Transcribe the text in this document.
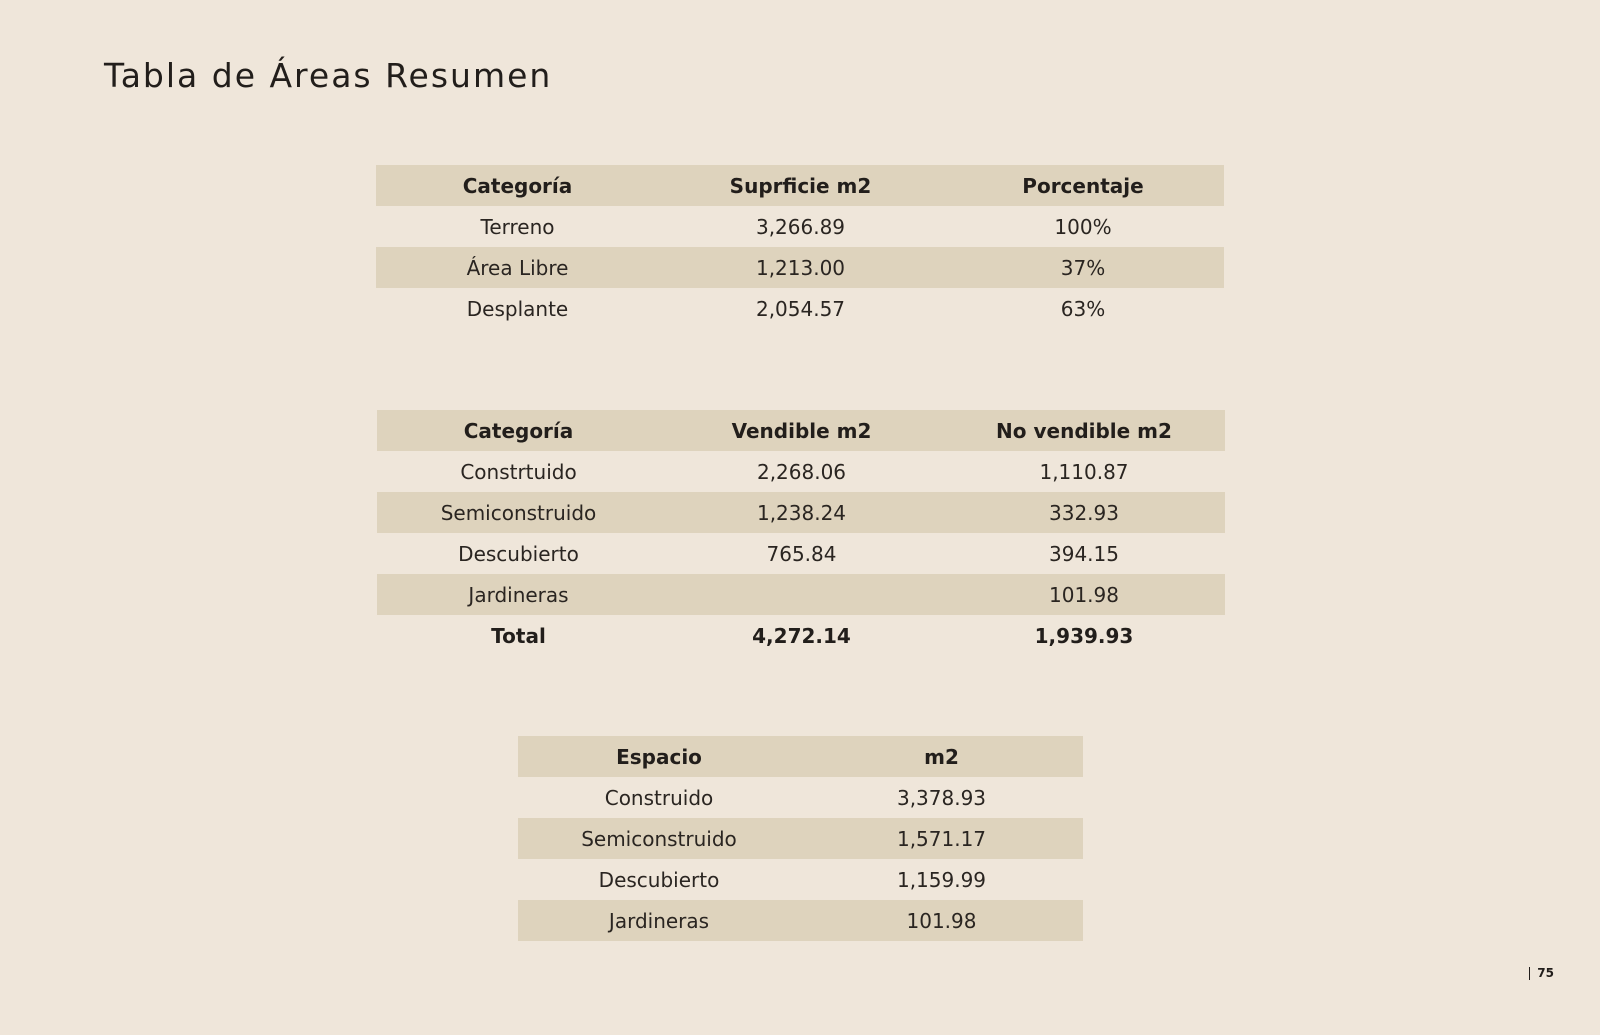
Tabla de Áreas Resumen
Categoría	Suprficie m2	Porcentaje
Terreno	3,266.89	100%
Área Libre	1,213.00	37%
Desplante	2,054.57	63%
Categoría	Vendible m2	No vendible m2
Constrtuido	2,268.06	1,110.87
Semiconstruido	1,238.24	332.93
Descubierto	765.84	394.15
Jardineras		101.98
Total	4,272.14	1,939.93
Espacio	m2
Construido	3,378.93
Semiconstruido	1,571.17
Descubierto	1,159.99
Jardineras	101.98
75
